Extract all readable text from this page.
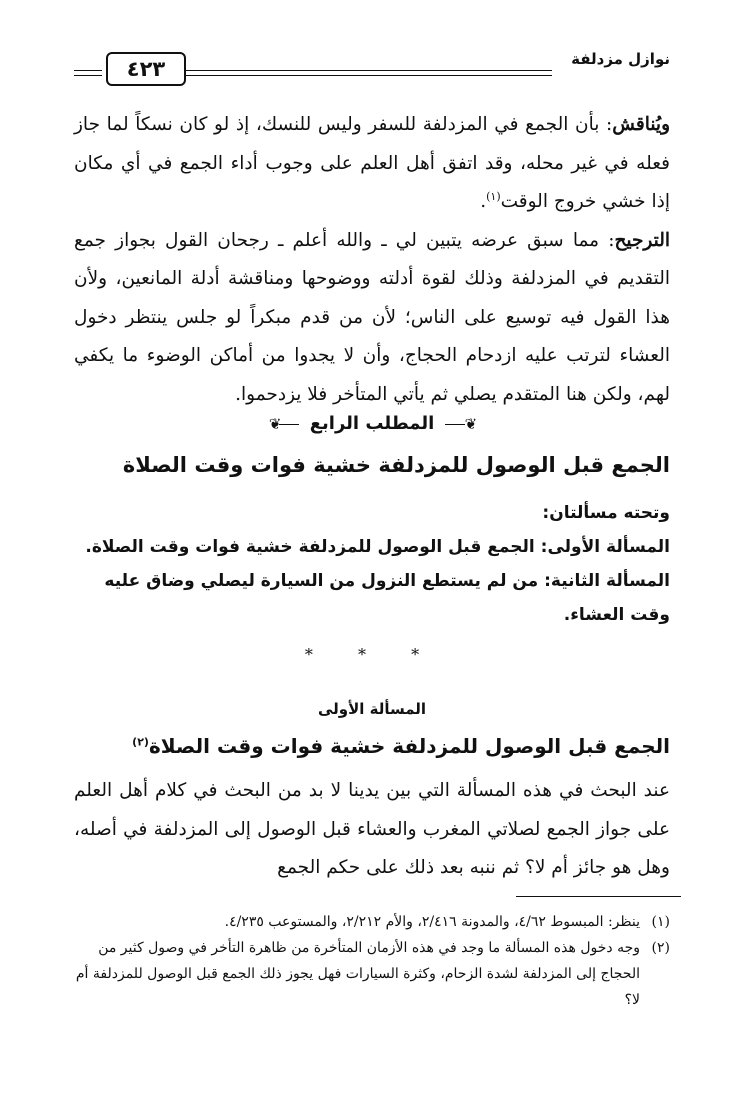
نوازل مزدلفة
٤٢٣

ويُناقش: بأن الجمع في المزدلفة للسفر وليس للنسك، إذ لو كان نسكاً لما جاز فعله في غير محله، وقد اتفق أهل العلم على وجوب أداء الجمع في أي مكان إذا خشي خروج الوقت$^{(١)}$.

الترجيح: مما سبق عرضه يتبين لي ـ والله أعلم ـ رجحان القول بجواز جمع التقديم في المزدلفة وذلك لقوة أدلته ووضوحها ومناقشة أدلة المانعين، ولأن هذا القول فيه توسيع على الناس؛ لأن من قدم مبكراً لو جلس ينتظر دخول العشاء لترتب عليه ازدحام الحجاج، وأن لا يجدوا من أماكن الوضوء ما يكفي لهم، ولكن هنا المتقدم يصلي ثم يأتي المتأخر فلا يزدحموا.

❦ المطلب الرابع ❦
الجمع قبل الوصول للمزدلفة خشية فوات وقت الصلاة

وتحته مسألتان:

المسألة الأولى: الجمع قبل الوصول للمزدلفة خشية فوات وقت الصلاة.

المسألة الثانية: من لم يستطع النزول من السيارة ليصلي وضاق عليه وقت العشاء.

* * *
المسألة الأولى
الجمع قبل الوصول للمزدلفة خشية فوات وقت الصلاة$^{(٢)}$

عند البحث في هذه المسألة التي بين يدينا لا بد من البحث في كلام أهل العلم على جواز الجمع لصلاتي المغرب والعشاء قبل الوصول إلى المزدلفة في أصله، وهل هو جائز أم لا؟ ثم ننبه بعد ذلك على حكم الجمع

(١)
ينظر: المبسوط ٤/٦٢، والمدونة ٢/٤١٦، والأم ٢/٢١٢، والمستوعب ٤/٢٣٥.

(٢)
وجه دخول هذه المسألة ما وجد في هذه الأزمان المتأخرة من ظاهرة التأخر في وصول كثير من الحجاج إلى المزدلفة لشدة الزحام، وكثرة السيارات فهل يجوز ذلك الجمع قبل الوصول للمزدلفة أم لا؟
